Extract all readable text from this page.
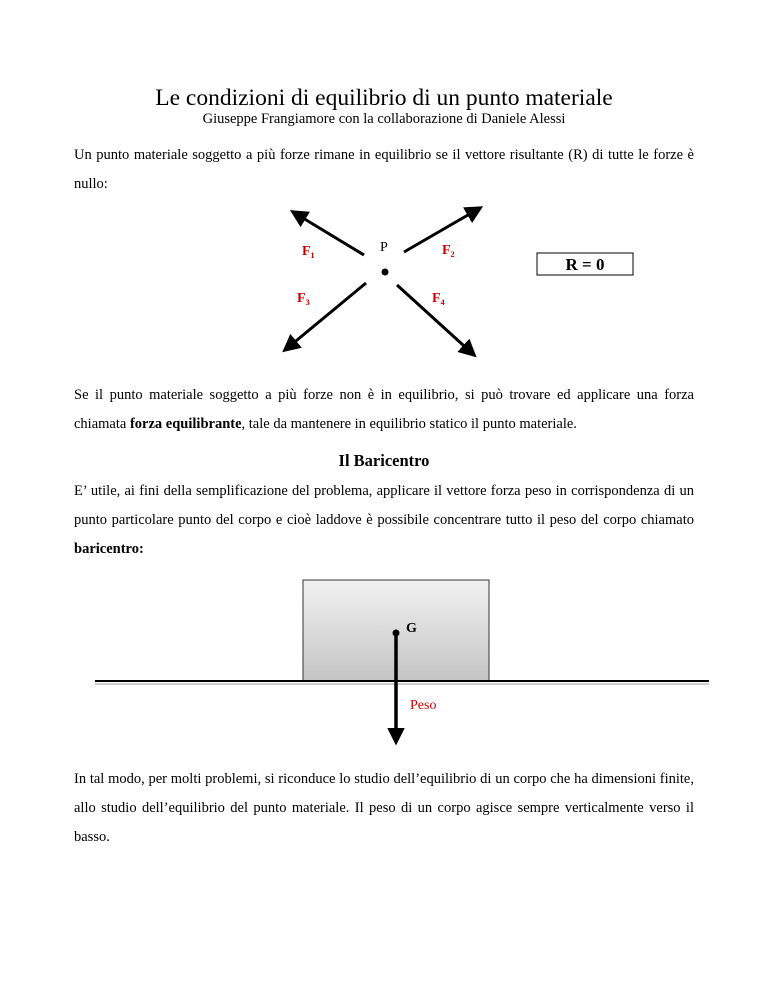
Le condizioni di equilibrio di un punto materiale
Giuseppe Frangiamore con la collaborazione di Daniele Alessi
Un punto materiale soggetto a più forze rimane in equilibrio se il vettore risultante (R) di tutte le forze è nullo:
P
F₁	F₂
F₃	F₄
R = 0
Se il punto materiale soggetto a più forze non è in equilibrio, si può trovare ed applicare una forza chiamata forza equilibrante, tale da mantenere in equilibrio statico il punto materiale.
Il Baricentro
E’ utile, ai fini della semplificazione del problema, applicare il vettore forza peso in corrispondenza di un punto particolare punto del corpo e cioè laddove è possibile concentrare tutto il peso del corpo chiamato baricentro:
G
Peso
In tal modo, per molti problemi, si riconduce lo studio dell’equilibrio di un corpo che ha dimensioni finite, allo studio dell’equilibrio del punto materiale. Il peso di un corpo agisce sempre verticalmente verso il basso.
